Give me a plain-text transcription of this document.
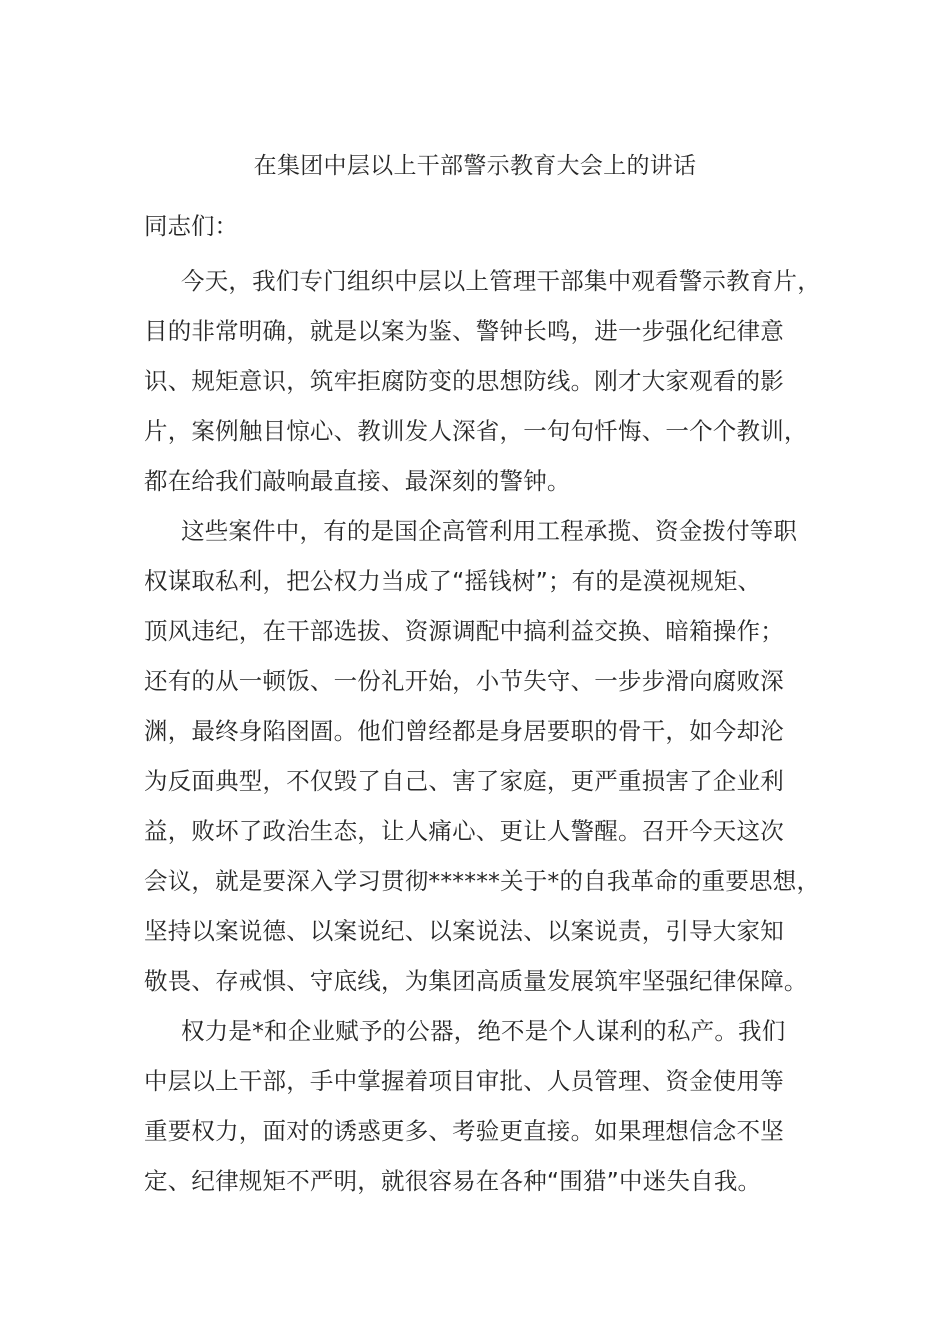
在集团中层以上干部警示教育大会上的讲话
同志们：
今天，我们专门组织中层以上管理干部集中观看警示教育片，
目的非常明确，就是以案为鉴、警钟长鸣，进一步强化纪律意
识、规矩意识，筑牢拒腐防变的思想防线。刚才大家观看的影
片，案例触目惊心、教训发人深省，一句句忏悔、一个个教训，
都在给我们敲响最直接、最深刻的警钟。
这些案件中，有的是国企高管利用工程承揽、资金拨付等职
权谋取私利，把公权力当成了“摇钱树”；有的是漠视规矩、
顶风违纪，在干部选拔、资源调配中搞利益交换、暗箱操作；
还有的从一顿饭、一份礼开始，小节失守、一步步滑向腐败深
渊，最终身陷囹圄。他们曾经都是身居要职的骨干，如今却沦
为反面典型，不仅毁了自己、害了家庭，更严重损害了企业利
益，败坏了政治生态，让人痛心、更让人警醒。召开今天这次
会议，就是要深入学习贯彻******关于*的自我革命的重要思想，
坚持以案说德、以案说纪、以案说法、以案说责，引导大家知
敬畏、存戒惧、守底线，为集团高质量发展筑牢坚强纪律保障。
权力是*和企业赋予的公器，绝不是个人谋利的私产。我们
中层以上干部，手中掌握着项目审批、人员管理、资金使用等
重要权力，面对的诱惑更多、考验更直接。如果理想信念不坚
定、纪律规矩不严明，就很容易在各种“围猎”中迷失自我。
